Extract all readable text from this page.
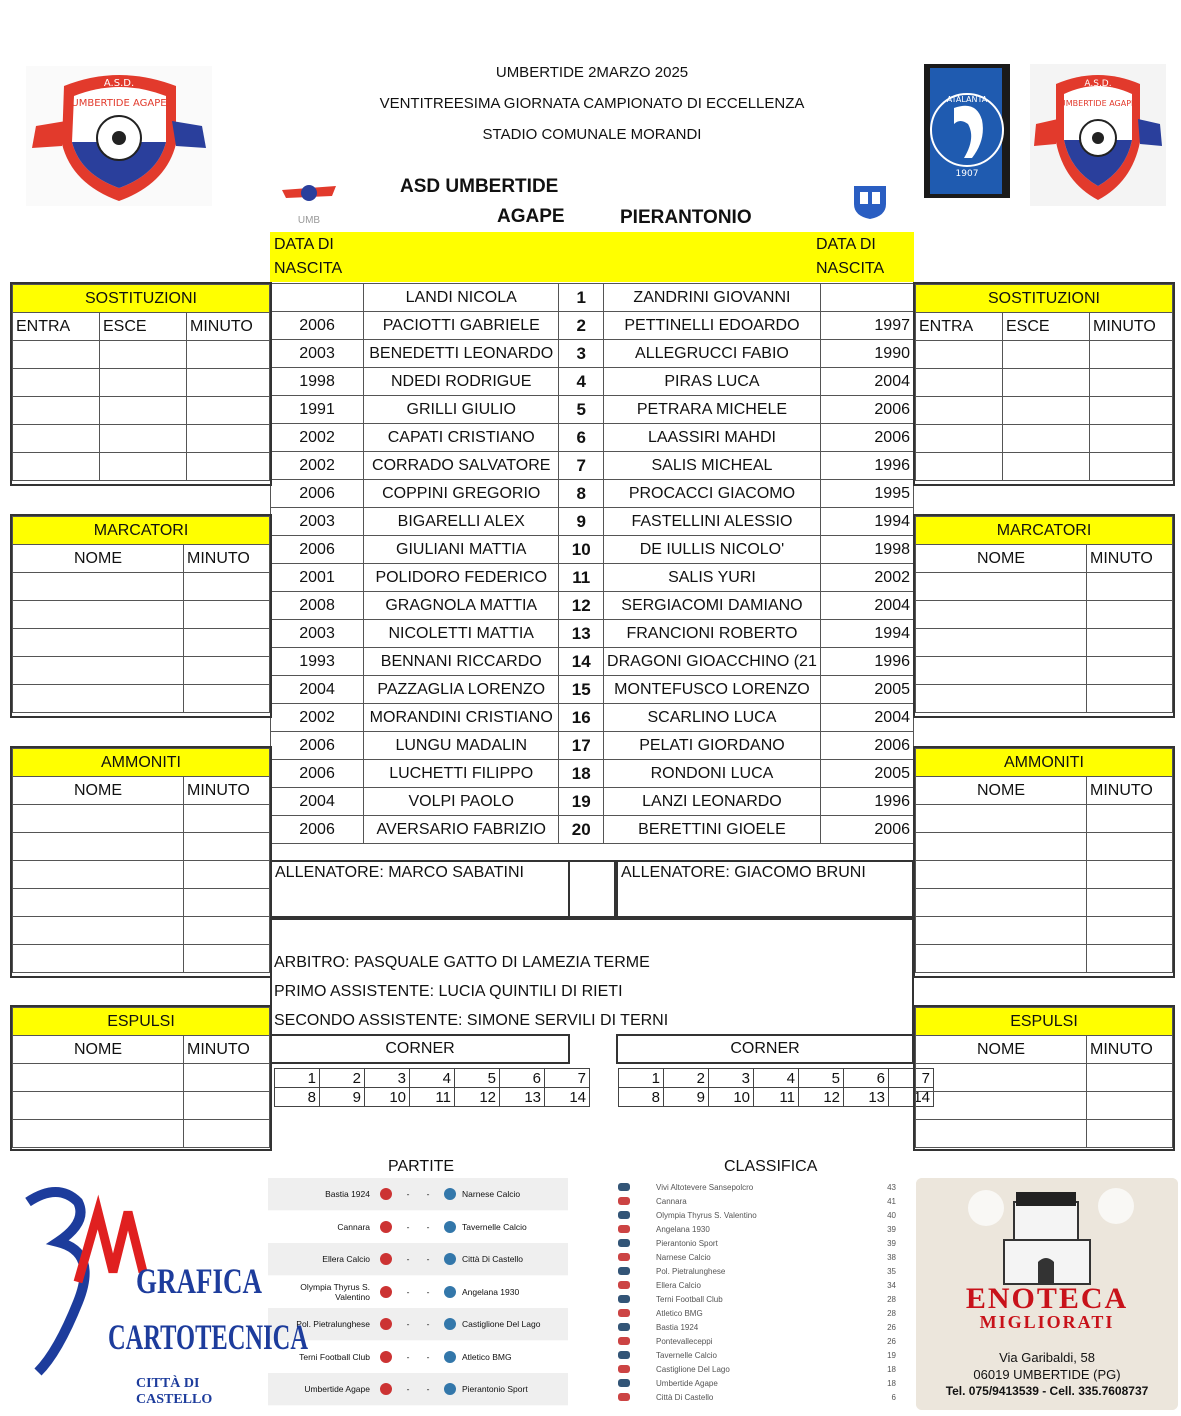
UMBERTIDE 2MARZO 2025
VENTITREESIMA GIORNATA CAMPIONATO DI ECCELLENZA
STADIO COMUNALE MORANDI
A.S.D.
UMBERTIDE AGAPE
UMB
ATALANTA
1907
A.S.D.
UMBERTIDE AGAPE
ASD UMBERTIDE
AGAPE	PIERANTONIO
DATA DI
NASCITA
DATA DI
NASCITA
	LANDI NICOLA	1	ZANDRINI GIOVANNI	
2006	PACIOTTI GABRIELE	2	PETTINELLI EDOARDO	1997
2003	BENEDETTI LEONARDO	3	ALLEGRUCCI FABIO	1990
1998	NDEDI RODRIGUE	4	PIRAS LUCA	2004
1991	GRILLI GIULIO	5	PETRARA MICHELE	2006
2002	CAPATI CRISTIANO	6	LAASSIRI MAHDI	2006
2002	CORRADO SALVATORE	7	SALIS MICHEAL	1996
2006	COPPINI GREGORIO	8	PROCACCI GIACOMO	1995
2003	BIGARELLI ALEX	9	FASTELLINI ALESSIO	1994
2006	GIULIANI MATTIA	10	DE IULLIS NICOLO'	1998
2001	POLIDORO FEDERICO	11	SALIS YURI	2002
2008	GRAGNOLA MATTIA	12	SERGIACOMI DAMIANO	2004
2003	NICOLETTI MATTIA	13	FRANCIONI ROBERTO	1994
1993	BENNANI RICCARDO	14	DRAGONI GIOACCHINO (21	1996
2004	PAZZAGLIA LORENZO	15	MONTEFUSCO LORENZO	2005
2002	MORANDINI CRISTIANO	16	SCARLINO LUCA	2004
2006	LUNGU MADALIN	17	PELATI GIORDANO	2006
2006	LUCHETTI FILIPPO	18	RONDONI LUCA	2005
2004	VOLPI PAOLO	19	LANZI LEONARDO	1996
2006	AVERSARIO FABRIZIO	20	BERETTINI GIOELE	2006
ALLENATORE: MARCO SABATINI	ALLENATORE: GIACOMO BRUNI
ARBITRO: PASQUALE GATTO DI LAMEZIA TERME
PRIMO ASSISTENTE: LUCIA QUINTILI DI RIETI
SECONDO ASSISTENTE: SIMONE SERVILI DI TERNI
CORNER	CORNER
1	2	3	4	5	6	7
8	9	10	11	12	13	14
1	2	3	4	5	6	7
8	9	10	11	12	13	14
SOSTITUZIONI		
ENTRA	ESCE	MINUTO

MARCATORI	
NOME	MINUTO

AMMONITI	
NOME	MINUTO

ESPULSI	
NOME	MINUTO

SOSTITUZIONI		
ENTRA	ESCE	MINUTO

MARCATORI	
NOME	MINUTO

AMMONITI	
NOME	MINUTO

ESPULSI	
NOME	MINUTO

PARTITE
Bastia 1924	-	-	Narnese Calcio
Cannara	-	-	Tavernelle Calcio
Ellera Calcio	-	-	Città Di Castello
Olympia Thyrus S. Valentino	-	-	Angelana 1930
Pol. Pietralunghese	-	-	Castiglione Del Lago
Terni Football Club	-	-	Atletico BMG
Umbertide Agape	-	-	Pierantonio Sport
CLASSIFICA
Vivi Altotevere Sansepolcro	43
Cannara	41
Olympia Thyrus S. Valentino	40
Angelana 1930	39
Pierantonio Sport	39
Narnese Calcio	38
Pol. Pietralunghese	35
Ellera Calcio	34
Terni Football Club	28
Atletico BMG	28
Bastia 1924	26
Pontevalleceppi	26
Tavernelle Calcio	19
Castiglione Del Lago	18
Umbertide Agape	18
Città Di Castello	6
GRAFICA
CARTOTECNICA
CITTÀ DI CASTELLO
ENOTECA
MIGLIORATI
Via Garibaldi, 58
06019 UMBERTIDE (PG)
Tel. 075/9413539 - Cell. 335.7608737
